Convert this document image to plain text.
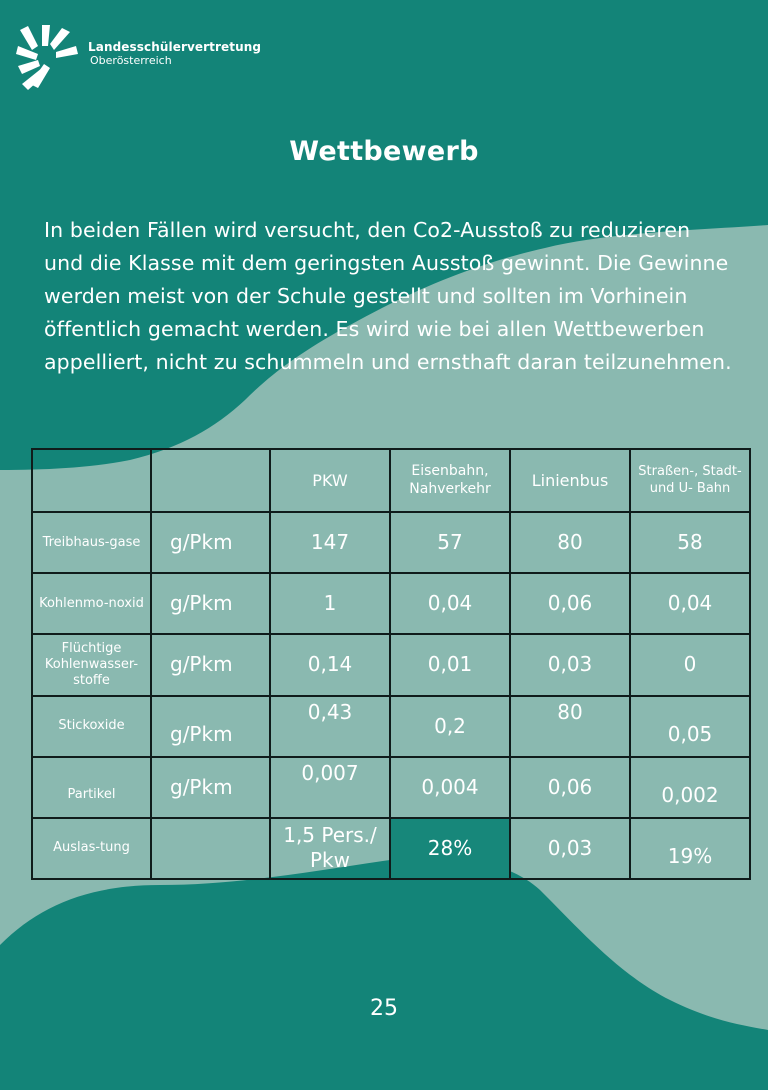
Landesschülervertretung
Oberösterreich
Wettbewerb

In beiden Fällen wird versucht, den Co2-Ausstoß zu reduzieren und die Klasse mit dem geringsten Ausstoß gewinnt. Die Gewinne werden meist von der Schule gestellt und sollten im Vorhinein öffentlich gemacht werden. Es wird wie bei allen Wettbewerben appelliert, nicht zu schummeln und ernsthaft daran teilzunehmen.

		PKW	Eisenbahn, Nahverkehr	Linienbus	Straßen-, Stadt- und U- Bahn
Treibhaus-gase	g/Pkm	147	57	80	58
Kohlenmo-noxid	g/Pkm	1	0,04	0,06	0,04
Flüchtige Kohlenwasser-stoffe	g/Pkm	0,14	0,01	0,03	0
Stickoxide	g/Pkm	0,43	0,2	80	0,05
Partikel	g/Pkm	0,007	0,004	0,06	0,002
Auslas-tung		1,5 Pers./ Pkw	28%	0,03	19%
25
